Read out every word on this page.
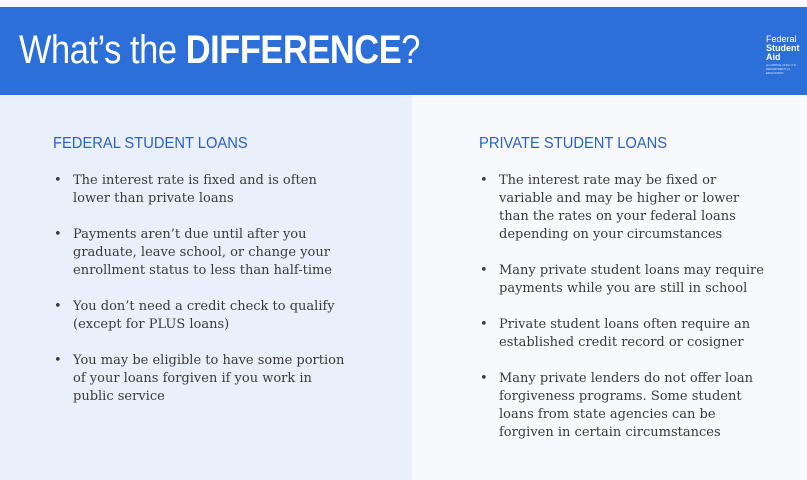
What’s the DIFFERENCE?	Federal
Student
Aid
An OFFICE of the U.S. DEPARTMENT of EDUCATION
FEDERAL STUDENT LOANS
• The interest rate is fixed and is often
lower than private loans
• Payments aren’t due until after you
graduate, leave school, or change your
enrollment status to less than half-time
• You don’t need a credit check to qualify
(except for PLUS loans)
• You may be eligible to have some portion
of your loans forgiven if you work in
public service
PRIVATE STUDENT LOANS
• The interest rate may be fixed or
variable and may be higher or lower
than the rates on your federal loans
depending on your circumstances
• Many private student loans may require
payments while you are still in school
• Private student loans often require an
established credit record or cosigner
• Many private lenders do not offer loan
forgiveness programs. Some student
loans from state agencies can be
forgiven in certain circumstances
